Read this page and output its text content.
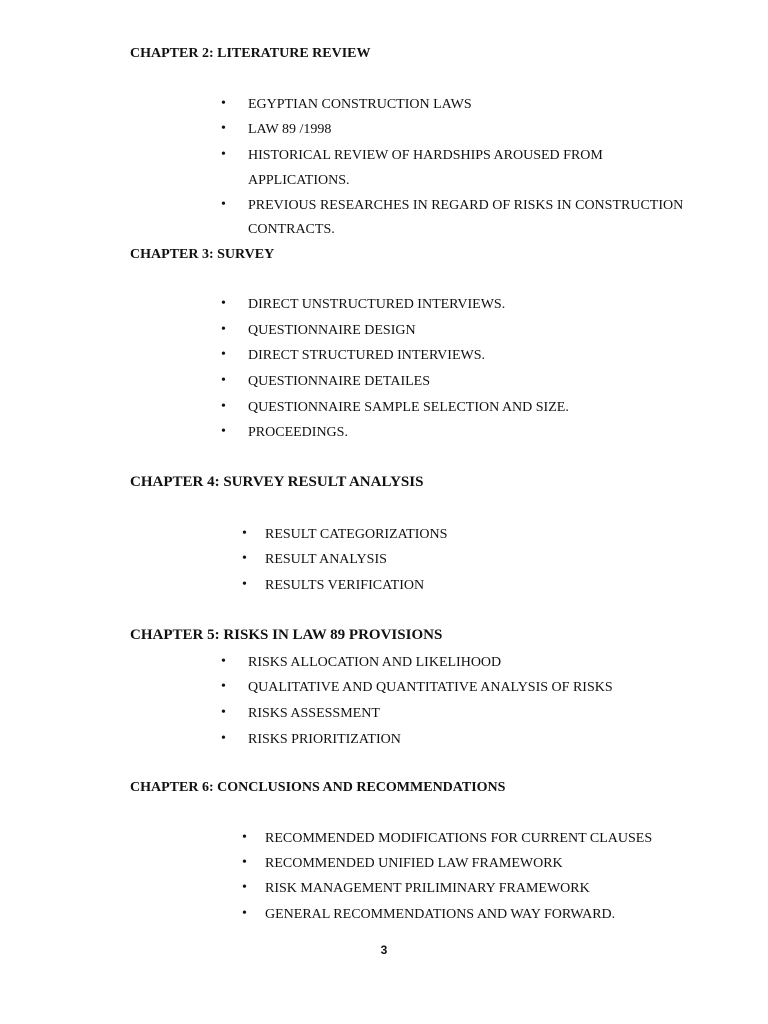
CHAPTER 2: LITERATURE REVIEW
• EGYPTIAN CONSTRUCTION LAWS
• LAW 89 /1998
• HISTORICAL REVIEW OF HARDSHIPS AROUSED FROM
APPLICATIONS.
• PREVIOUS RESEARCHES IN REGARD OF RISKS IN CONSTRUCTION
CONTRACTS.
CHAPTER 3: SURVEY
• DIRECT UNSTRUCTURED INTERVIEWS.
• QUESTIONNAIRE DESIGN
• DIRECT STRUCTURED INTERVIEWS.
• QUESTIONNAIRE DETAILES
• QUESTIONNAIRE SAMPLE SELECTION AND SIZE.
• PROCEEDINGS.
CHAPTER 4: SURVEY RESULT ANALYSIS
• RESULT CATEGORIZATIONS
• RESULT ANALYSIS
• RESULTS VERIFICATION
CHAPTER 5: RISKS IN LAW 89 PROVISIONS
• RISKS ALLOCATION AND LIKELIHOOD
• QUALITATIVE AND QUANTITATIVE ANALYSIS OF RISKS
• RISKS ASSESSMENT
• RISKS PRIORITIZATION
CHAPTER 6: CONCLUSIONS AND RECOMMENDATIONS
• RECOMMENDED MODIFICATIONS FOR CURRENT CLAUSES
• RECOMMENDED UNIFIED LAW FRAMEWORK
• RISK MANAGEMENT PRILIMINARY FRAMEWORK
• GENERAL RECOMMENDATIONS AND WAY FORWARD.
3
